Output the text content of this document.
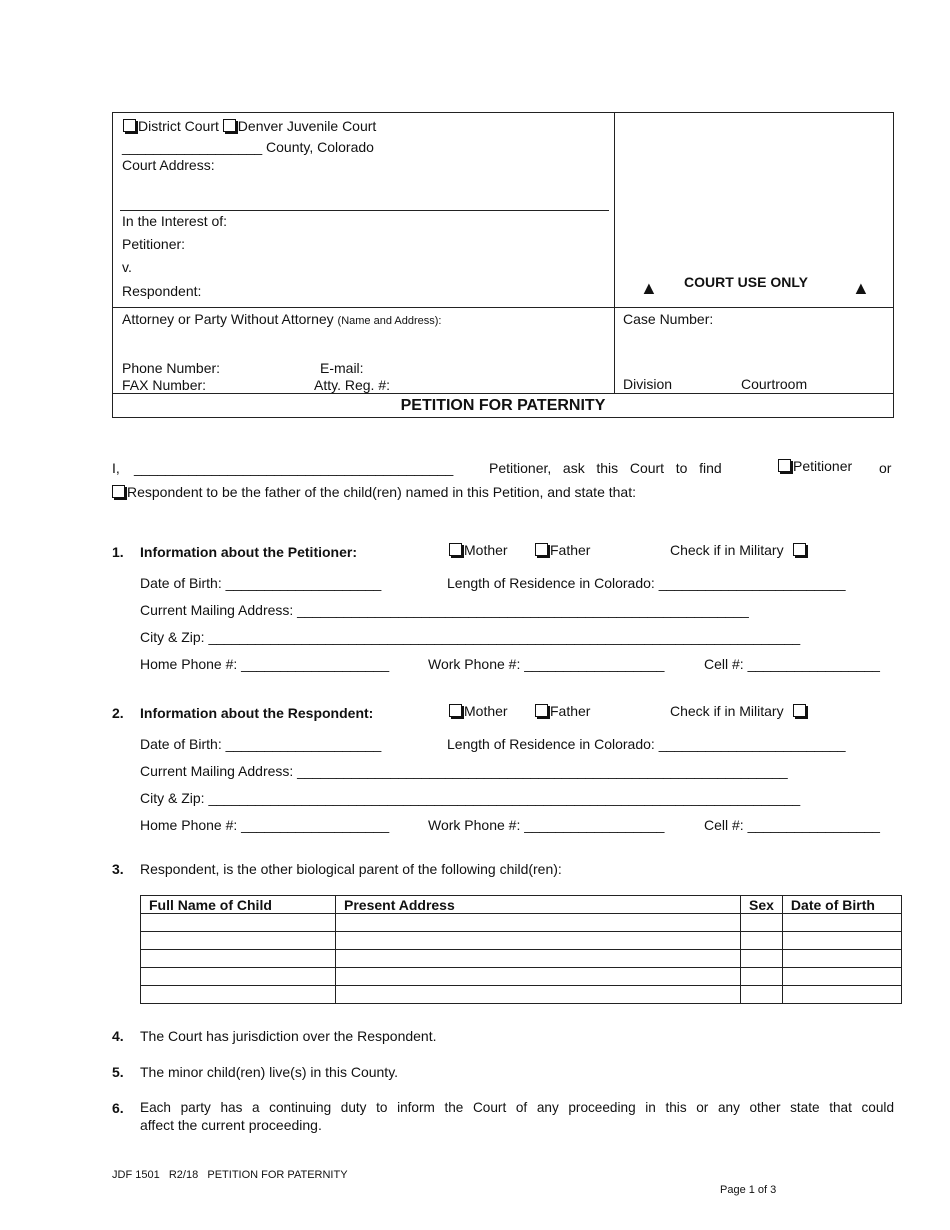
District Court Denver Juvenile Court
__________________ County, Colorado
Court Address:
In the Interest of:
Petitioner:
v.
Respondent:	▲ COURT USE ONLY ▲
Attorney or Party Without Attorney (Name and Address):
Phone Number:	E-mail:
FAX Number:	Atty. Reg. #:
Case Number:
Division	Courtroom
PETITION FOR PATERNITY
I, _________________________________________	Petitioner,   ask   this   Court   to   find	Petitioner or
Respondent to be the father of the child(ren) named in this Petition, and state that:
1. Information about the Petitioner:	Mother	Father	Check if in Military
Date of Birth: ____________________	Length of Residence in Colorado: ________________________
Current Mailing Address: __________________________________________________________
City & Zip: ____________________________________________________________________________
Home Phone #: ___________________	Work Phone #: __________________	Cell #: _________________
2. Information about the Respondent:	Mother	Father	Check if in Military
Date of Birth: ____________________	Length of Residence in Colorado: ________________________
Current Mailing Address: _______________________________________________________________
City & Zip: ____________________________________________________________________________
Home Phone #: ___________________	Work Phone #: __________________	Cell #: _________________
3. Respondent, is the other biological parent of the following child(ren):
Full Name of Child	Present Address	Sex	Date of Birth

4. The Court has jurisdiction over the Respondent.
5. The minor child(ren) live(s) in this County.
6. Each party has a continuing duty to inform the Court of any proceeding in this or any other state that could
affect the current proceeding.
JDF 1501   R2/18   PETITION FOR PATERNITY
Page 1 of 3
